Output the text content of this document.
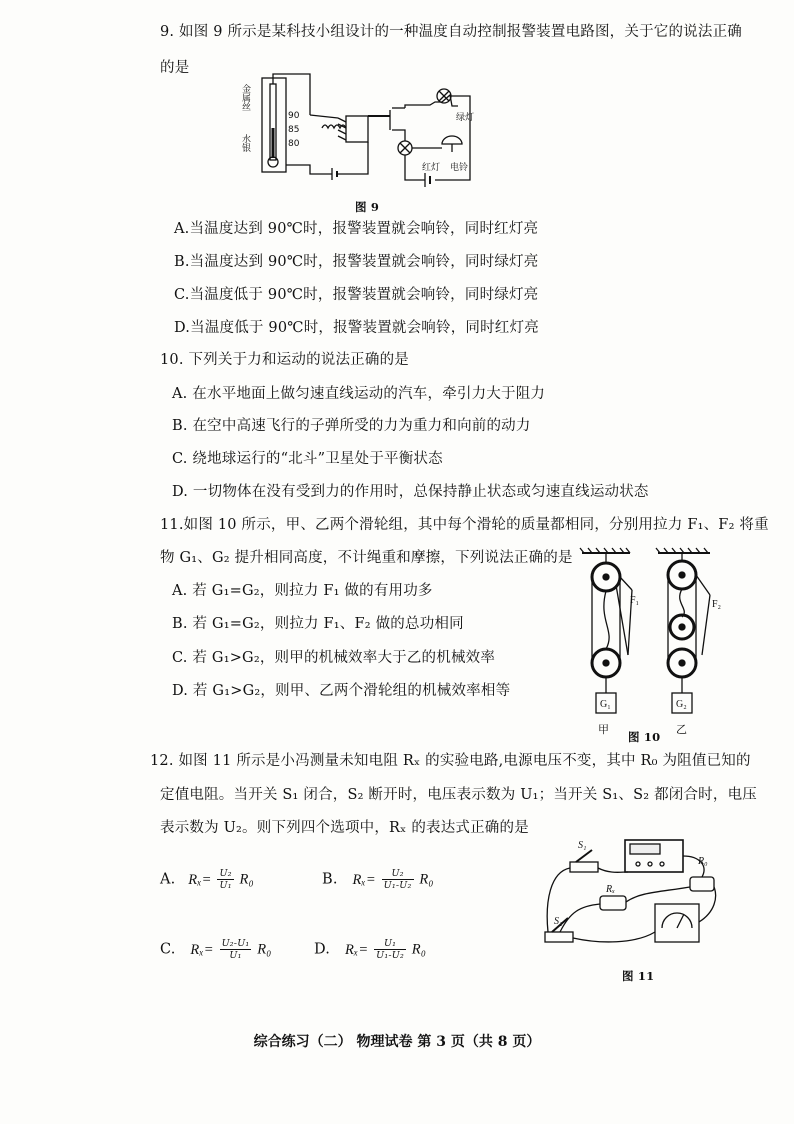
9. 如图 9 所示是某科技小组设计的一种温度自动控制报警装置电路图，关于它的说法正确
的是
金属丝
水银
90
85
80
绿灯
红灯 电铃
图 9
A.当温度达到 90℃时，报警装置就会响铃，同时红灯亮
B.当温度达到 90℃时，报警装置就会响铃，同时绿灯亮
C.当温度低于 90℃时，报警装置就会响铃，同时绿灯亮
D.当温度低于 90℃时，报警装置就会响铃，同时红灯亮
10. 下列关于力和运动的说法正确的是
A. 在水平地面上做匀速直线运动的汽车，牵引力大于阻力
B. 在空中高速飞行的子弹所受的力为重力和向前的动力
C. 绕地球运行的“北斗”卫星处于平衡状态
D. 一切物体在没有受到力的作用时，总保持静止状态或匀速直线运动状态
11.如图 10 所示，甲、乙两个滑轮组，其中每个滑轮的质量都相同，分别用拉力 F₁、F₂ 将重
物 G₁、G₂ 提升相同高度，不计绳重和摩擦，下列说法正确的是
A. 若 G₁=G₂，则拉力 F₁ 做的有用功多
B. 若 G₁=G₂，则拉力 F₁、F₂ 做的总功相同
C. 若 G₁>G₂，则甲的机械效率大于乙的机械效率
D. 若 G₁>G₂，则甲、乙两个滑轮组的机械效率相等
F₁	F₂
G₁	G₂
甲	乙
图 10
12. 如图 11 所示是小冯测量未知电阻 Rₓ 的实验电路,电源电压不变，其中 R₀ 为阻值已知的
定值电阻。当开关 S₁ 闭合，S₂ 断开时，电压表示数为 U₁；当开关 S₁、S₂ 都闭合时，电压
表示数为 U₂。则下列四个选项中，Rₓ 的表达式正确的是
A. $R_x= \frac{\text{U₂}}{\text{U₁}} R_0$	B. $R_x= \frac{\text{U₂}}{\text{U₁-U₂}} R_0$
C. $R_x= \frac{\text{U₂-U₁}}{\text{U₁}} R_0$	D. $R_x= \frac{\text{U₁}}{\text{U₁-U₂}} R_0$
S₁
S₂
Rₓ
R₀
图 11
综合练习（二） 物理试卷 第 3 页（共 8 页）
